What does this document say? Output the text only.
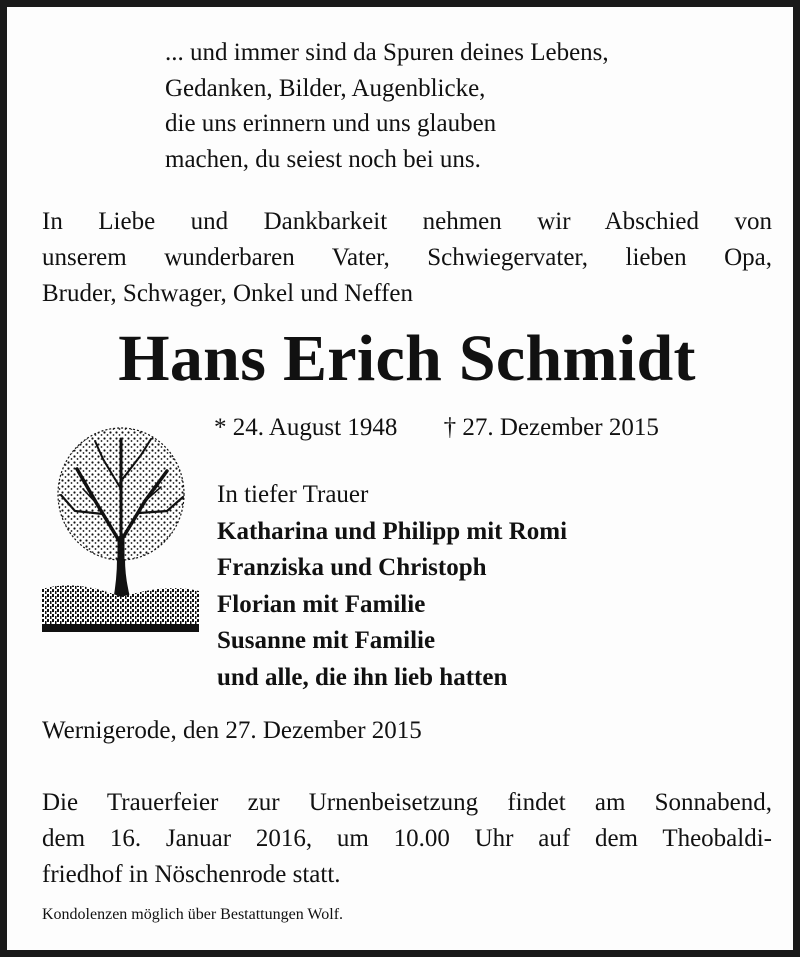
... und immer sind da Spuren deines Lebens,
Gedanken, Bilder, Augenblicke,
die uns erinnern und uns glauben
machen, du seiest noch bei uns.
In Liebe und Dankbarkeit nehmen wir Abschied von
unserem wunderbaren Vater, Schwiegervater, lieben Opa,
Bruder, Schwager, Onkel und Neffen
Hans Erich Schmidt
* 24. August 1948 † 27. Dezember 2015
In tiefer Trauer
Katharina und Philipp mit Romi
Franziska und Christoph
Florian mit Familie
Susanne mit Familie
und alle, die ihn lieb hatten
Wernigerode, den 27. Dezember 2015
Die Trauerfeier zur Urnenbeisetzung findet am Sonnabend,
dem 16. Januar 2016, um 10.00 Uhr auf dem Theobaldi-
friedhof in Nöschenrode statt.
Kondolenzen möglich über Bestattungen Wolf.
